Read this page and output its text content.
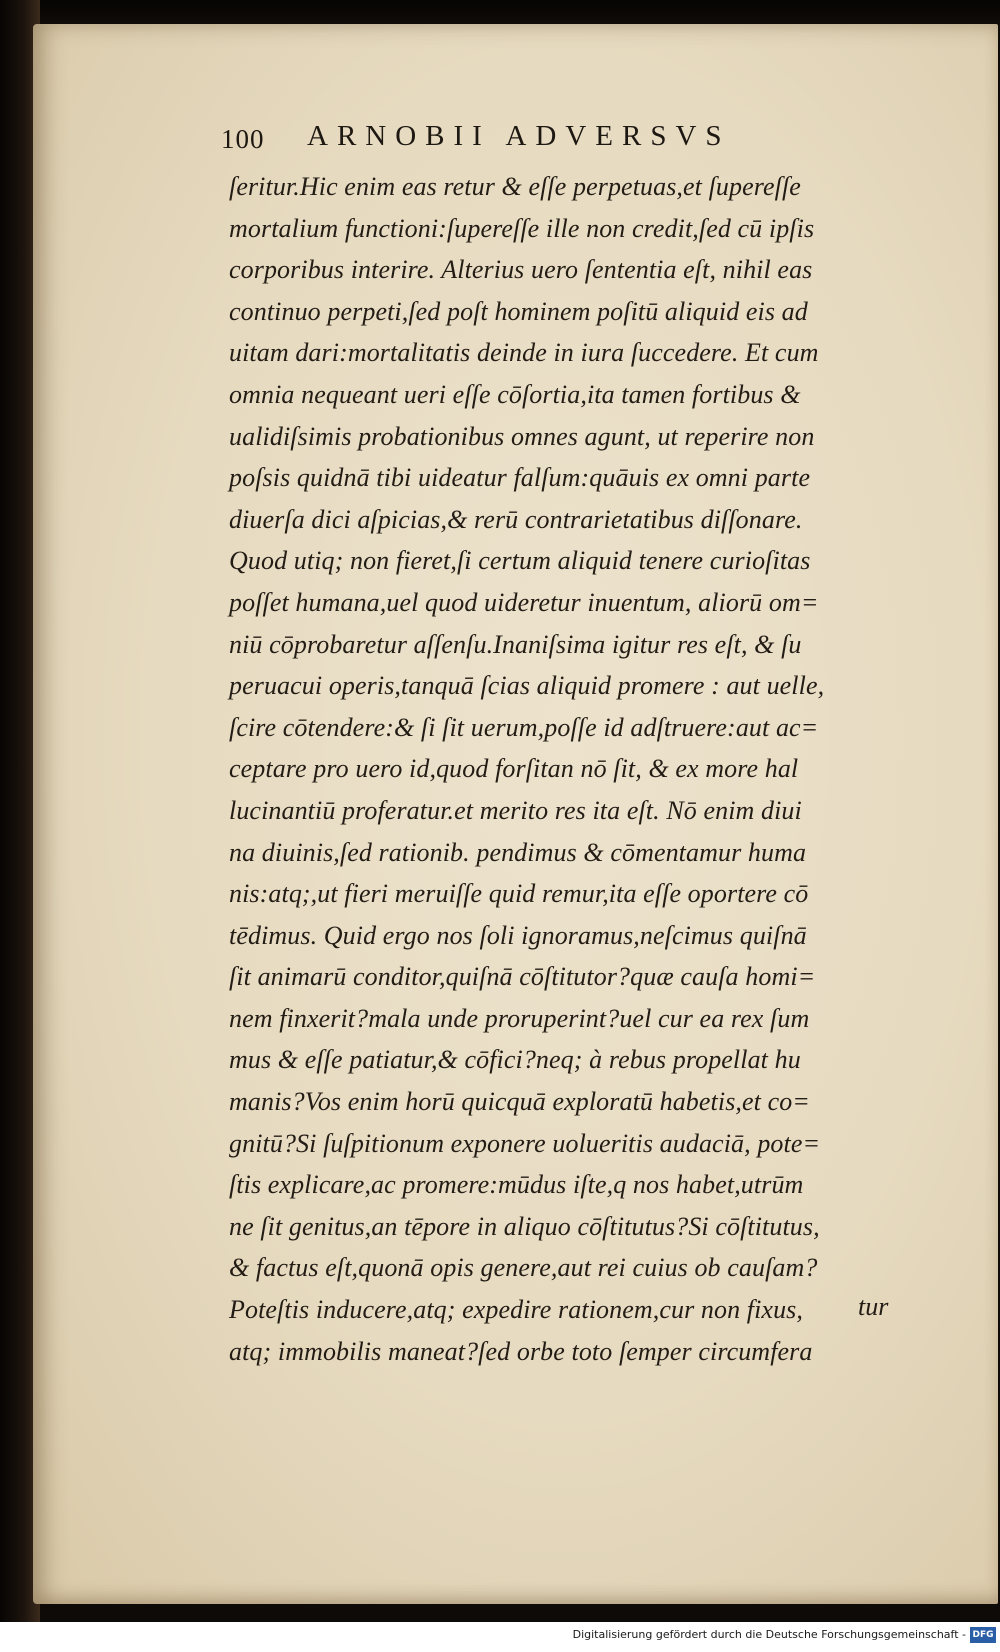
100 ARNOBII ADVERSVS
ſeritur.Hic enim eas retur & eſſe perpetuas,et ſupereſſe
mortalium functioni:ſupereſſe ille non credit,ſed cū ipſis
corporibus interire. Alterius uero ſententia eſt, nihil eas
continuo perpeti,ſed poſt hominem poſitū aliquid eis ad
uitam dari:mortalitatis deinde in iura ſuccedere. Et cum
omnia nequeant ueri eſſe cōſortia,ita tamen fortibus &
ualidiſsimis probationibus omnes agunt, ut reperire non
poſsis quidnā tibi uideatur falſum:quāuis ex omni parte
diuerſa dici aſpicias,& rerū contrarietatibus diſſonare.
Quod utiq; non fieret,ſi certum aliquid tenere curioſitas
poſſet humana,uel quod uideretur inuentum, aliorū om=
niū cōprobaretur aſſenſu.Inaniſsima igitur res eſt, & ſu
peruacui operis,tanquā ſcias aliquid promere : aut uelle,
ſcire cōtendere:& ſi ſit uerum,poſſe id adſtruere:aut ac=
ceptare pro uero id,quod forſitan nō ſit, & ex more hal
lucinantiū proferatur.et merito res ita eſt. Nō enim diui
na diuinis,ſed rationib. pendimus & cōmentamur huma
nis:atq;,ut fieri meruiſſe quid remur,ita eſſe oportere cō
tēdimus. Quid ergo nos ſoli ignoramus,neſcimus quiſnā
ſit animarū conditor,quiſnā cōſtitutor?quæ cauſa homi=
nem finxerit?mala unde proruperint?uel cur ea rex ſum
mus & eſſe patiatur,& cōfici?neq; à rebus propellat hu
manis?Vos enim horū quicquā exploratū habetis,et co=
gnitū?Si ſuſpitionum exponere uolueritis audaciā, pote=
ſtis explicare,ac promere:mūdus iſte,q nos habet,utrūm
ne ſit genitus,an tēpore in aliquo cōſtitutus?Si cōſtitutus,
& factus eſt,quonā opis genere,aut rei cuius ob cauſam?
Poteſtis inducere,atq; expedire rationem,cur non fixus,
atq; immobilis maneat?ſed orbe toto ſemper circumfera
tur
Digitalisierung gefördert durch die Deutsche Forschungsgemeinschaft - DFG
